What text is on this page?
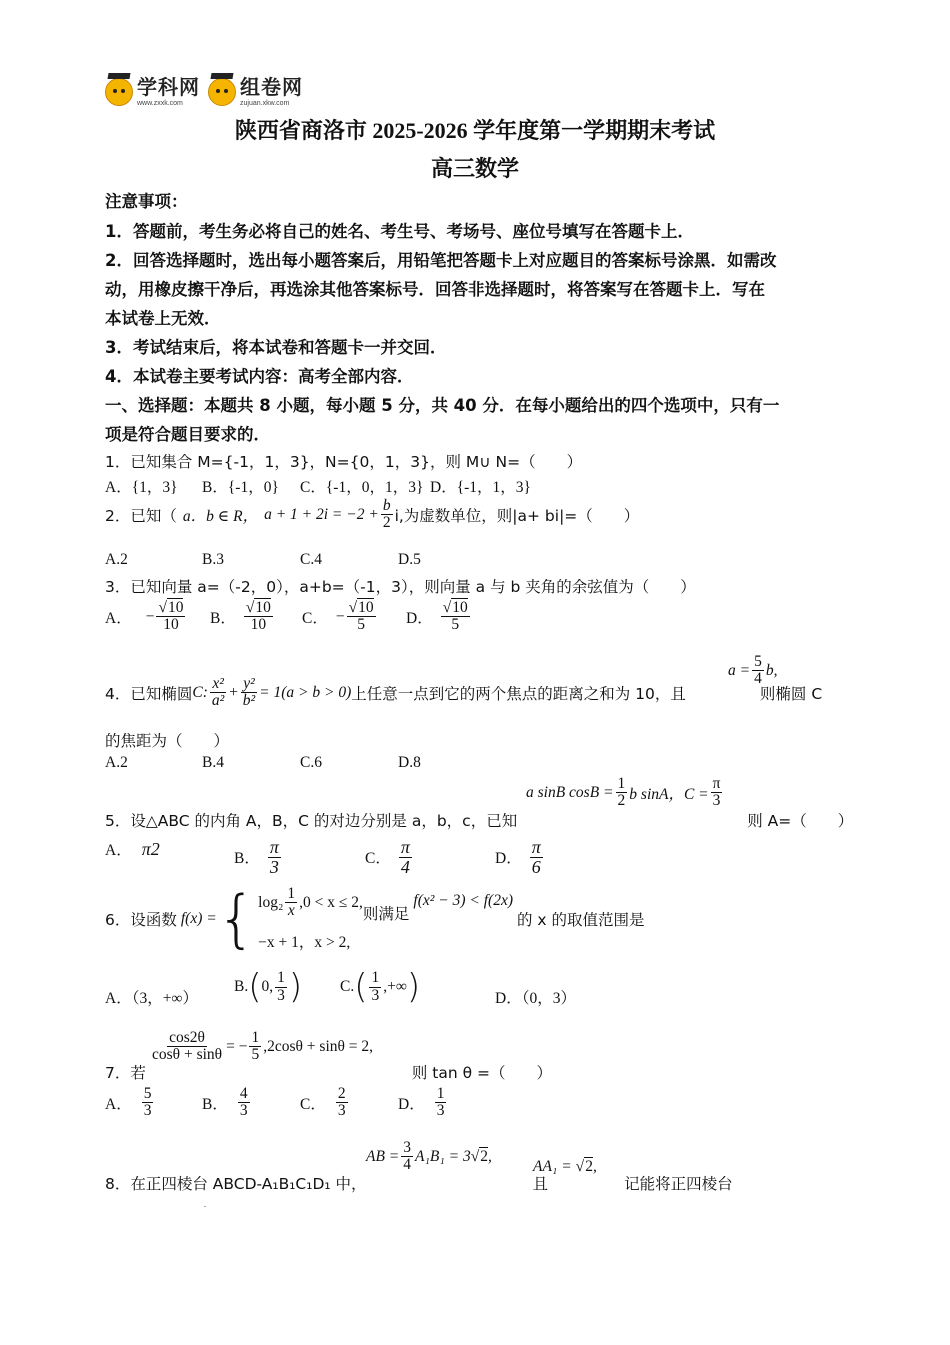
学科网
www.zxxk.com
组卷网
zujuan.xkw.com
陕西省商洛市 2025-2026 学年度第一学期期末考试
高三数学
注意事项：
1．答题前，考生务必将自己的姓名、考生号、考场号、座位号填写在答题卡上．
2．回答选择题时，选出每小题答案后，用铅笔把答题卡上对应题目的答案标号涂黑．如需改
动，用橡皮擦干净后，再选涂其他答案标号．回答非选择题时，将答案写在答题卡上．写在
本试卷上无效．
3．考试结束后，将本试卷和答题卡一并交回．
4．本试卷主要考试内容：高考全部内容．
一、选择题：本题共 8 小题，每小题 5 分，共 40 分．在每小题给出的四个选项中，只有一
项是符合题目要求的．
1．已知集合 M={-1，1，3}，N={0，1，3}，则 M∪ N=（　　）
A．{1，3} B．{-1，0} C．{-1，0，1，3} D．{-1，1，3}
2．已知（ a．b ∈ R， $a + 1 + 2i = -2 + \frac{b}{2} i$,为虚数单位，则|a+ bi|=（　　）
A.2	B.3	C.4	D.5
3．已知向量 a=（-2，0），a+b=（-1，3），则向量 a 与 b 夹角的余弦值为（　　）
A． − $\frac{√10}{10}$ B． $\frac{√10}{10}$ C． − $\frac{√10}{5}$ D． $\frac{√10}{5}$
$a = \frac{5}{4} b$,
4．已知椭圆 C: $\frac{\text{x²}}{\text{a²}} + \frac{\text{y²}}{\text{b²}} = 1(a > b > 0)$ 上任意一点到它的两个焦点的距离之和为 10，且	则椭圆 C
的焦距为（　　）
A.2	B.4	C.6	D.8
a sinB $\cos B = \frac{1}{2}$ b sinA，$C = \frac{\pi}{3}$
5．设△ABC 的内角 A，B，C 的对边分别是 a，b，c，已知	则 A=（　　）
A． π2
B． $\frac{\pi}{3}$	C． $\frac{\pi}{4}$	D． $\frac{\pi}{6}$
6．设函数 f(x) = { $\log_2 \frac{1}{x} ,0 < x \le 2$,
−x + 1，x > 2,
则满足
f(x² − 3) < f(2x)
的 x 的取值范围是
A．（3，+∞）
B. ( 0, $\frac{1}{3}$ ) C. ( $\frac{1}{3}$ ,+∞ )	D．（0，3）
$\frac{\cos 2\theta}{\cos\theta + \sin\theta}$ = − $\frac{1}{5} ,2\cos\theta + \sin\theta = 2$,
7．若	则 tan θ =（　　）
A． $\frac{5}{3}$	B． $\frac{4}{3}$	C． $\frac{2}{3}$	D． $\frac{1}{3}$
AB = $\frac{3}{4} A_1B_1 = 3$ √2 ,
AA₁ = √2 ,
8．在正四棱台 ABCD-A₁B₁C₁D₁ 中，	且	记能将正四棱台
.
